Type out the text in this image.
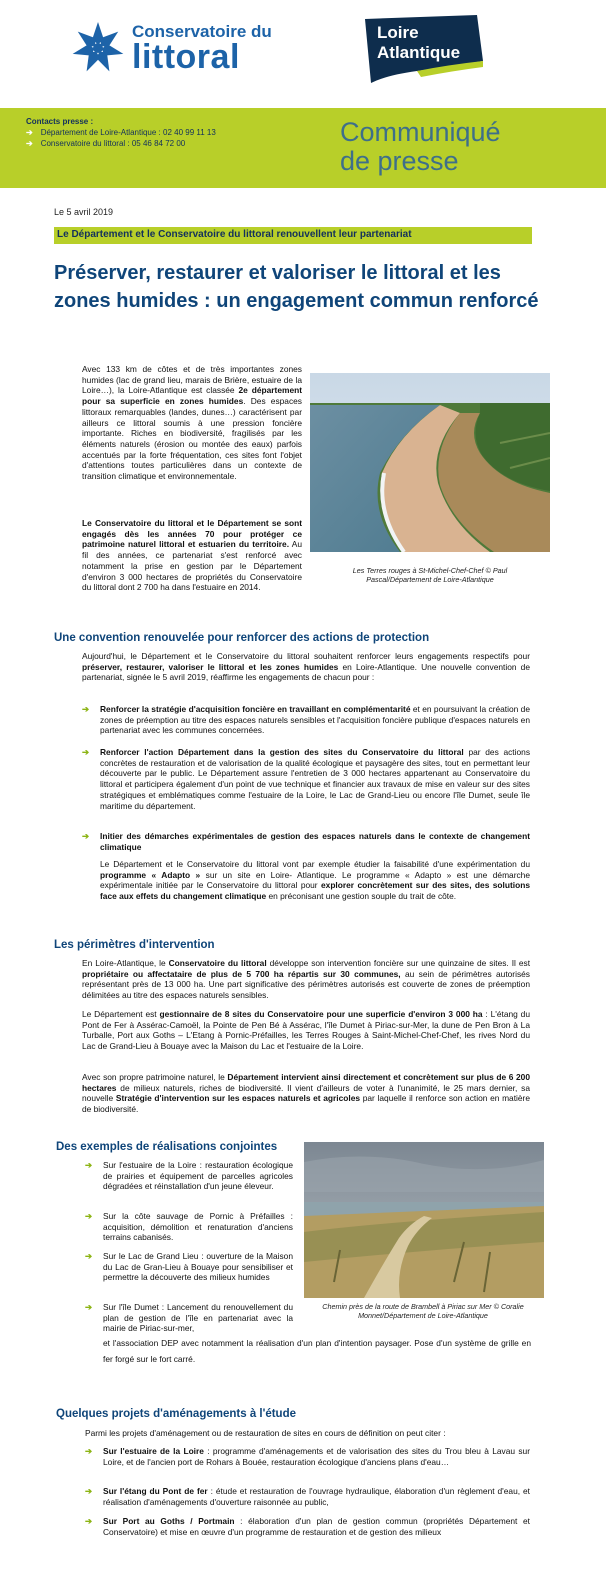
Conservatoire du
littoral
Loire
Atlantique
Contacts presse :
➔ Département de Loire-Atlantique : 02 40 99 11 13
➔ Conservatoire du littoral : 05 46 84 72 00	Communiqué
de presse
Le 5 avril 2019
Le Département et le Conservatoire du littoral renouvellent leur partenariat
Préserver, restaurer et valoriser le littoral et les zones humides : un engagement commun renforcé
Avec 133 km de côtes et de très importantes zones humides (lac de grand lieu, marais de Brière, estuaire de la Loire…), la Loire-Atlantique est classée 2e département pour sa superficie en zones humides. Des espaces littoraux remarquables (landes, dunes…) caractérisent par ailleurs ce littoral soumis à une pression foncière importante. Riches en biodiversité, fragilisés par les éléments naturels (érosion ou montée des eaux) parfois accentués par la forte fréquentation, ces sites font l'objet d'attentions toutes particulières dans un contexte de transition climatique et environnementale.
Le Conservatoire du littoral et le Département se sont engagés dès les années 70 pour protéger ce patrimoine naturel littoral et estuarien du territoire. Au fil des années, ce partenariat s'est renforcé avec notamment la prise en gestion par le Département d'environ 3 000 hectares de propriétés du Conservatoire du littoral dont 2 700 ha dans l'estuaire en 2014.
Les Terres rouges à St-Michel-Chef-Chef © Paul Pascal/Département de Loire-Atlantique
Une convention renouvelée pour renforcer des actions de protection
Aujourd'hui, le Département et le Conservatoire du littoral souhaitent renforcer leurs engagements respectifs pour préserver, restaurer, valoriser le littoral et les zones humides en Loire-Atlantique. Une nouvelle convention de partenariat, signée le 5 avril 2019, réaffirme les engagements de chacun pour :
➔ Renforcer la stratégie d'acquisition foncière en travaillant en complémentarité et en poursuivant la création de zones de préemption au titre des espaces naturels sensibles et l'acquisition foncière publique d'espaces naturels en partenariat avec les communes concernées.
➔ Renforcer l'action Département dans la gestion des sites du Conservatoire du littoral par des actions concrètes de restauration et de valorisation de la qualité écologique et paysagère des sites, tout en permettant leur découverte par le public. Le Département assure l'entretien de 3 000 hectares appartenant au Conservatoire du littoral et participera également d'un point de vue technique et financier aux travaux de mise en valeur sur des sites stratégiques et emblématiques comme l'estuaire de la Loire, le Lac de Grand-Lieu ou encore l'île Dumet, seule île maritime du département.
➔ Initier des démarches expérimentales de gestion des espaces naturels dans le contexte de changement climatique
Le Département et le Conservatoire du littoral vont par exemple étudier la faisabilité d'une expérimentation du programme « Adapto » sur un site en Loire- Atlantique. Le programme « Adapto » est une démarche expérimentale initiée par le Conservatoire du littoral pour explorer concrètement sur des sites, des solutions face aux effets du changement climatique en préconisant une gestion souple du trait de côte.
Les périmètres d'intervention
En Loire-Atlantique, le Conservatoire du littoral développe son intervention foncière sur une quinzaine de sites. Il est propriétaire ou affectataire de plus de 5 700 ha répartis sur 30 communes, au sein de périmètres autorisés représentant près de 13 000 ha. Une part significative des périmètres autorisés est couverte de zones de préemption délimitées au titre des espaces naturels sensibles.
Le Département est gestionnaire de 8 sites du Conservatoire pour une superficie d'environ 3 000 ha : L'étang du Pont de Fer à Assérac-Camoël, la Pointe de Pen Bé à Assérac, l'île Dumet à Piriac-sur-Mer, la dune de Pen Bron à La Turballe, Port aux Goths – L'Etang à Pornic-Préfailles, les Terres Rouges à Saint-Michel-Chef-Chef, les rives Nord du Lac de Grand-Lieu à Bouaye avec la Maison du Lac et l'estuaire de la Loire.
Avec son propre patrimoine naturel, le Département intervient ainsi directement et concrètement sur plus de 6 200 hectares de milieux naturels, riches de biodiversité. Il vient d'ailleurs de voter à l'unanimité, le 25 mars dernier, sa nouvelle Stratégie d'intervention sur les espaces naturels et agricoles par laquelle il renforce son action en matière de biodiversité.
Des exemples de réalisations conjointes
➔ Sur l'estuaire de la Loire : restauration écologique de prairies et équipement de parcelles agricoles dégradées et réinstallation d'un jeune éleveur.
➔ Sur la côte sauvage de Pornic à Préfailles : acquisition, démolition et renaturation d'anciens terrains cabanisés.
➔ Sur le Lac de Grand Lieu : ouverture de la Maison du Lac de Gran-Lieu à Bouaye pour sensibiliser et permettre la découverte des milieux humides
➔ Sur l'île Dumet : Lancement du renouvellement du plan de gestion de l'île en partenariat avec la mairie de Piriac-sur-mer,
et l'association DEP avec notamment la réalisation d'un plan d'intention paysager. Pose d'un système de grille en fer forgé sur le fort carré.
Chemin près de la route de Brambell à Piriac sur Mer © Coralie Monnet/Département de Loire-Atlantique
Quelques projets d'aménagements à l'étude
Parmi les projets d'aménagement ou de restauration de sites en cours de définition on peut citer :
➔ Sur l'estuaire de la Loire : programme d'aménagements et de valorisation des sites du Trou bleu à Lavau sur Loire, et de l'ancien port de Rohars à Bouée, restauration écologique d'anciens plans d'eau…
➔ Sur l'étang du Pont de fer : étude et restauration de l'ouvrage hydraulique, élaboration d'un règlement d'eau, et réalisation d'aménagements d'ouverture raisonnée au public,
➔ Sur Port au Goths / Portmain : élaboration d'un plan de gestion commun (propriétés Département et Conservatoire) et mise en œuvre d'un programme de restauration et de gestion des milieux
